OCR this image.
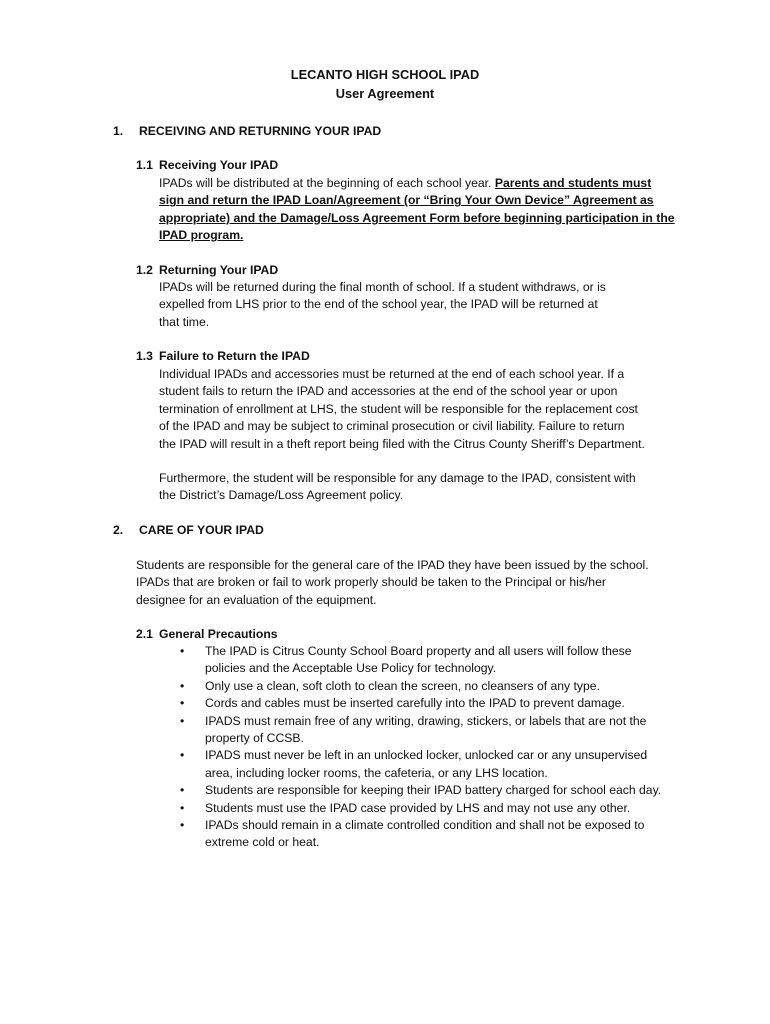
LECANTO HIGH SCHOOL IPAD
User Agreement
1. RECEIVING AND RETURNING YOUR IPAD
1.1 Receiving Your IPAD
IPADs will be distributed at the beginning of each school year. Parents and students must
sign and return the IPAD Loan/Agreement (or “Bring Your Own Device” Agreement as
appropriate) and the Damage/Loss Agreement Form before beginning participation in the
IPAD program.
1.2 Returning Your IPAD
IPADs will be returned during the final month of school. If a student withdraws, or is
expelled from LHS prior to the end of the school year, the IPAD will be returned at
that time.
1.3 Failure to Return the IPAD
Individual IPADs and accessories must be returned at the end of each school year. If a
student fails to return the IPAD and accessories at the end of the school year or upon
termination of enrollment at LHS, the student will be responsible for the replacement cost
of the IPAD and may be subject to criminal prosecution or civil liability. Failure to return
the IPAD will result in a theft report being filed with the Citrus County Sheriff’s Department.
Furthermore, the student will be responsible for any damage to the IPAD, consistent with
the District’s Damage/Loss Agreement policy.
2. CARE OF YOUR IPAD
Students are responsible for the general care of the IPAD they have been issued by the school.
IPADs that are broken or fail to work properly should be taken to the Principal or his/her
designee for an evaluation of the equipment.
2.1 General Precautions
• The IPAD is Citrus County School Board property and all users will follow these
policies and the Acceptable Use Policy for technology.
• Only use a clean, soft cloth to clean the screen, no cleansers of any type.
• Cords and cables must be inserted carefully into the IPAD to prevent damage.
• IPADS must remain free of any writing, drawing, stickers, or labels that are not the
property of CCSB.
• IPADS must never be left in an unlocked locker, unlocked car or any unsupervised
area, including locker rooms, the cafeteria, or any LHS location.
• Students are responsible for keeping their IPAD battery charged for school each day.
• Students must use the IPAD case provided by LHS and may not use any other.
• IPADs should remain in a climate controlled condition and shall not be exposed to
extreme cold or heat.
